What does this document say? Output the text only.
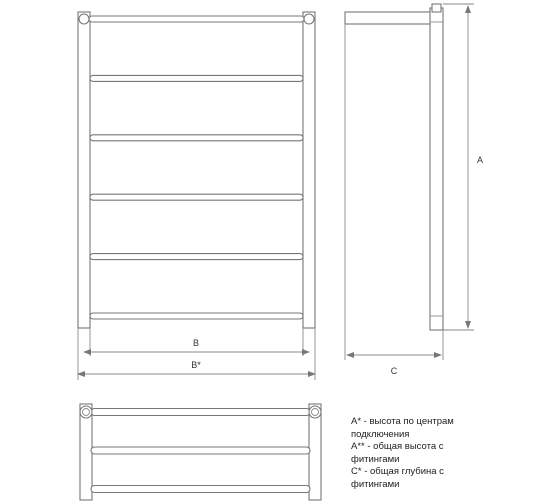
B
B*
A
C
A* - высота по центрам
подключения
A** - общая высота с
фитингами
C* - общая глубина с
фитингами
